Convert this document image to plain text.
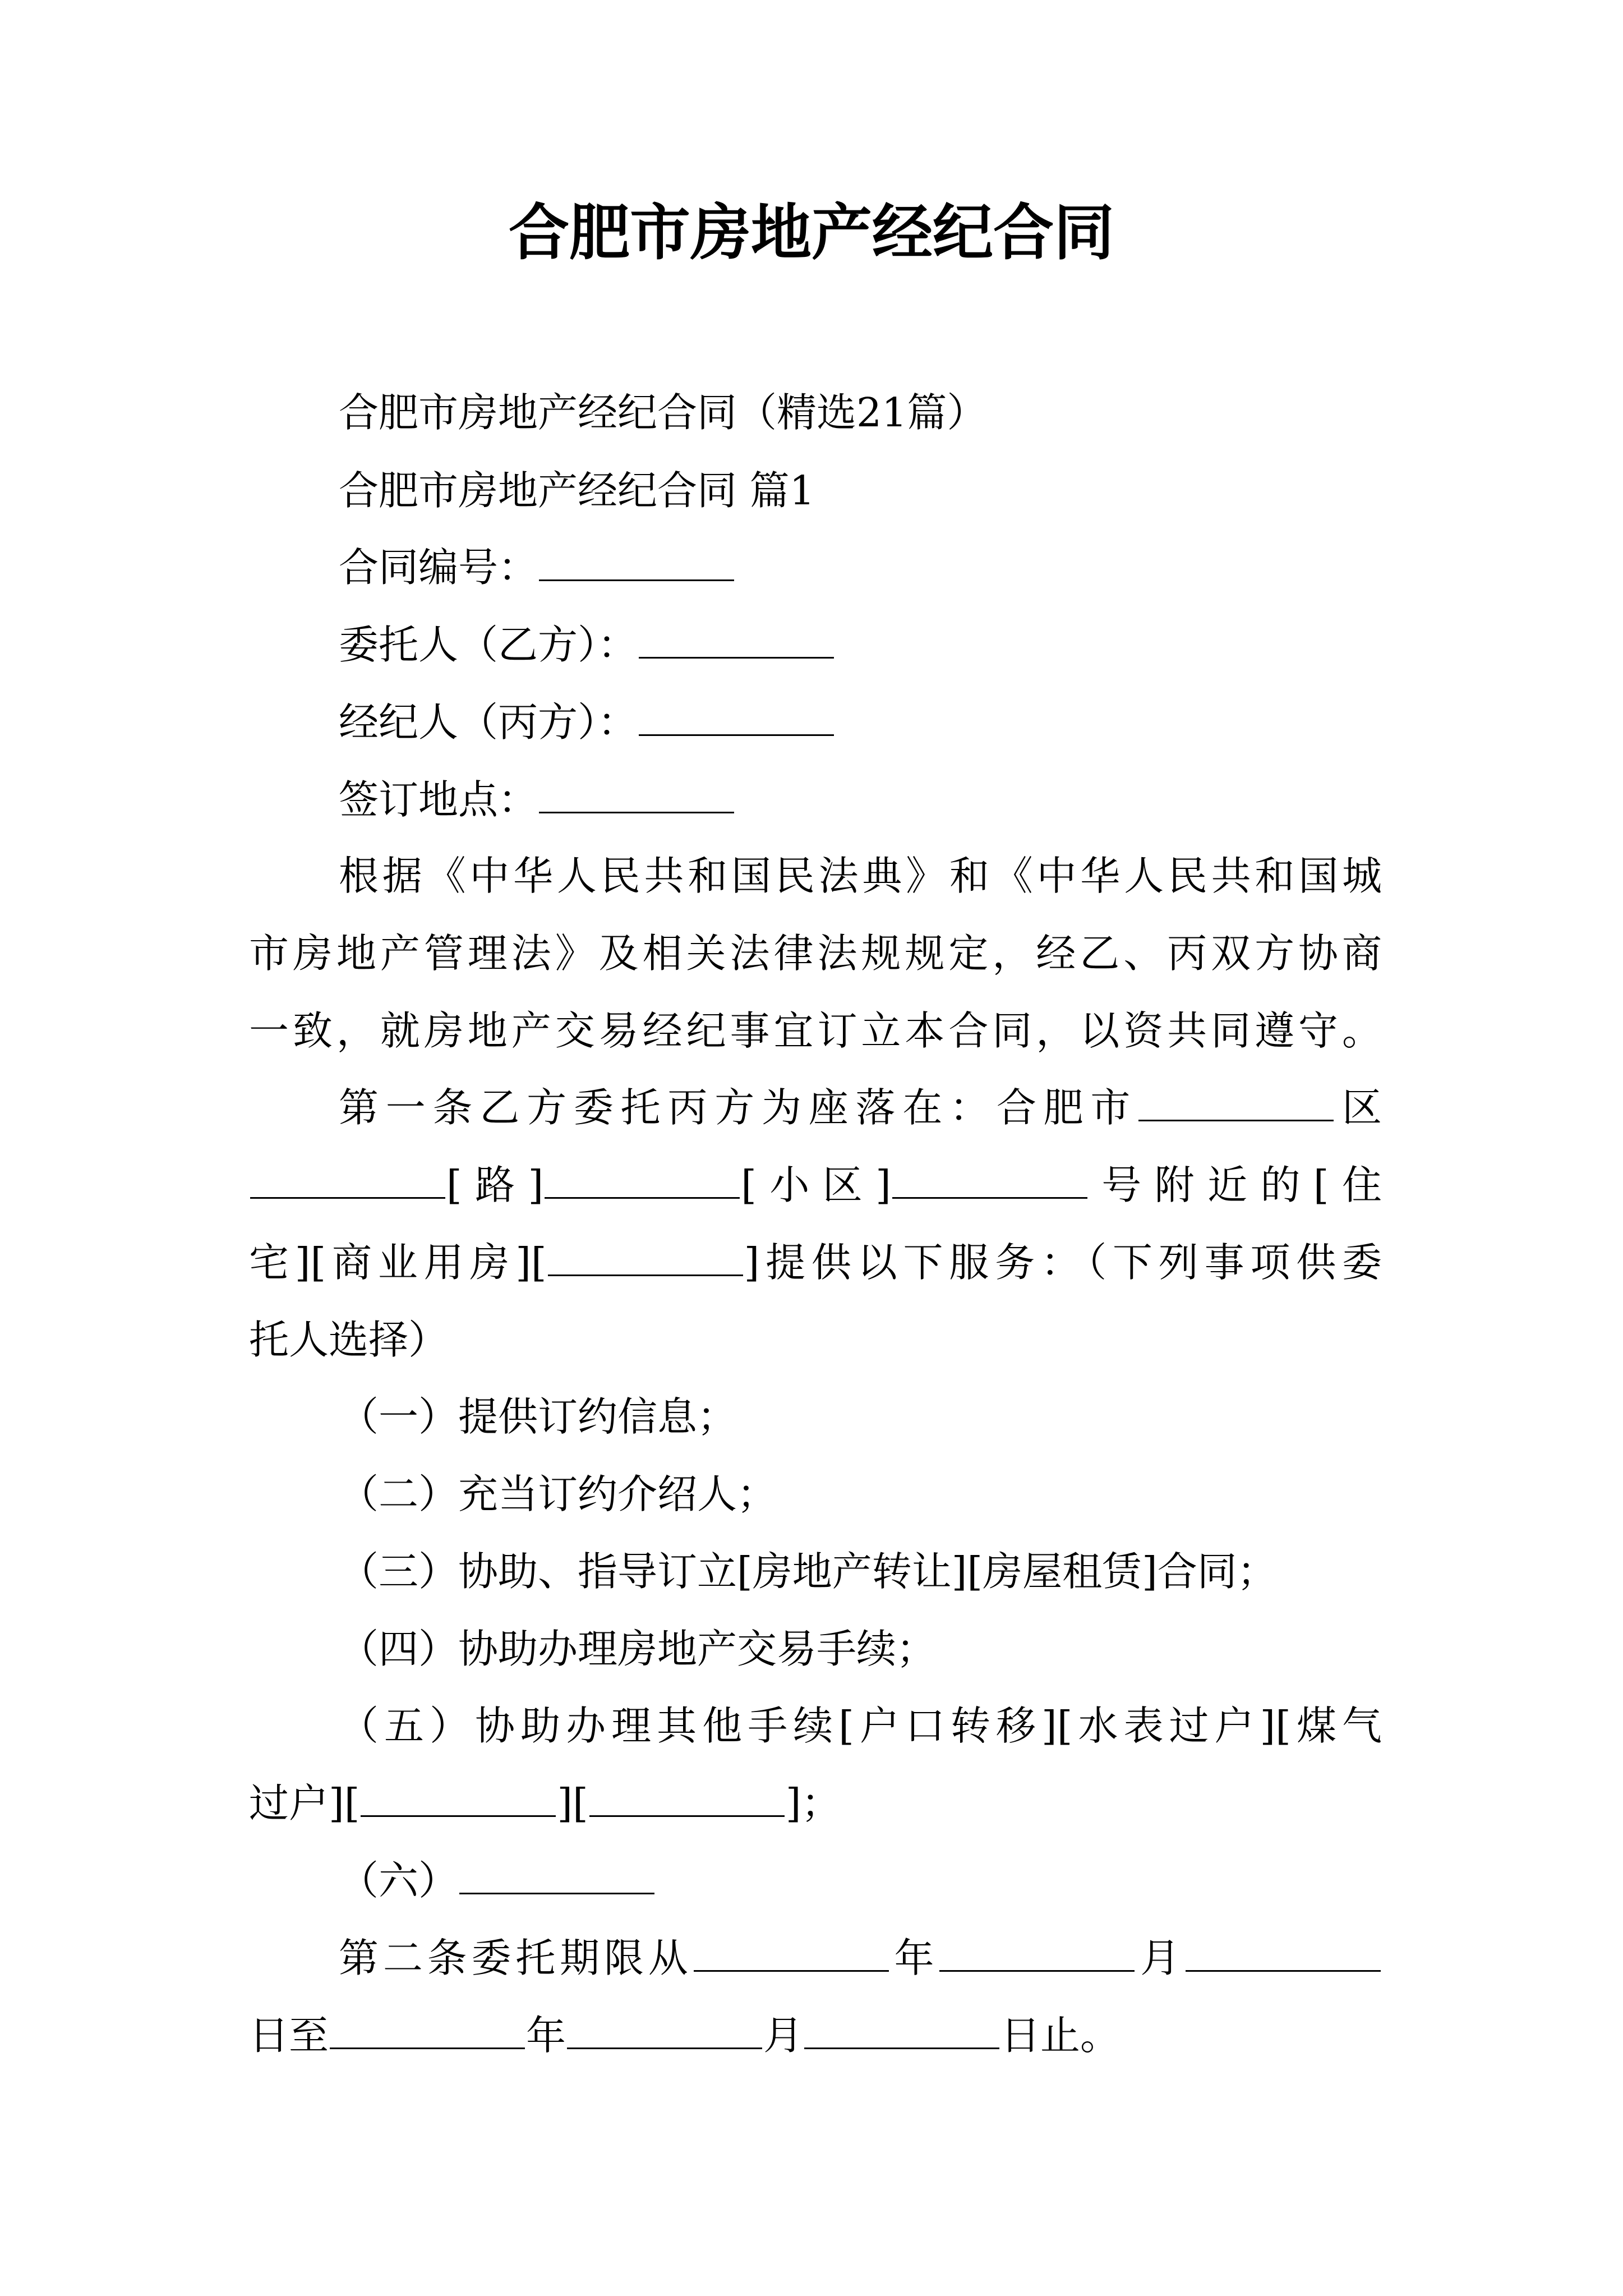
合肥市房地产经纪合同

合肥市房地产经纪合同（精选21篇）

合肥市房地产经纪合同 篇1

合同编号：

委托人（乙方）：

经纪人（丙方）：

签订地点：

根据《中华人民共和国民法典》和《中华人民共和国城

市房地产管理法》及相关法律法规规定，经乙、丙双方协商

一致，就房地产交易经纪事宜订立本合同，以资共同遵守。

第一条乙方委托丙方为座落在：合肥市	区

[路]	[小区]	号附近的[住

宅][商业用房][	]提供以下服务：（下列事项供委

托人选择）

（一）提供订约信息；

（二）充当订约介绍人；

（三）协助、指导订立[房地产转让][房屋租赁]合同；

（四）协助办理房地产交易手续；

（五）协助办理其他手续[户口转移][水表过户][煤气

过户][	][	]；

（六）

第二条委托期限从	年	月

日至	年	月	日止。
